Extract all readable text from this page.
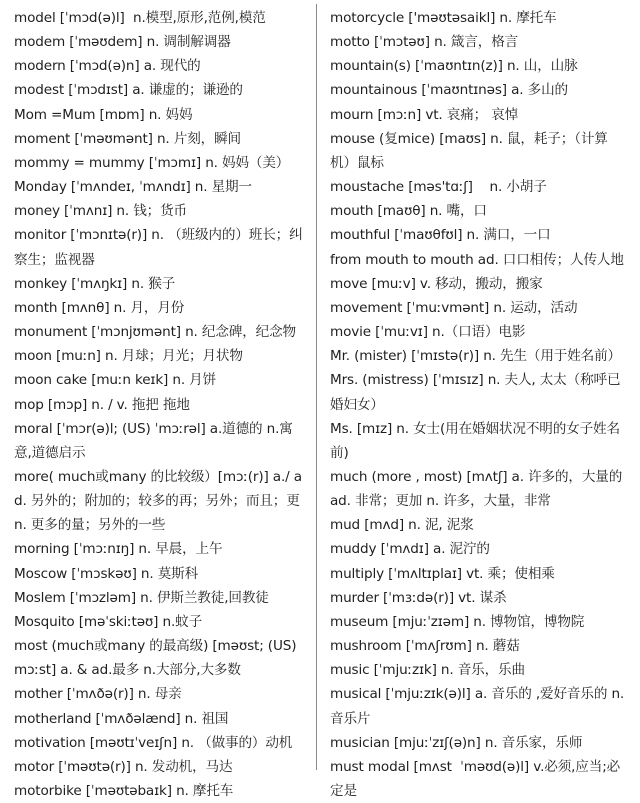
model [ˈmɔd(ə)l]  n.模型,原形,范例,模范

modem [ˈməʊdem] n. 调制解调器

modern [ˈmɔd(ə)n] a. 现代的

modest [ˈmɔdɪst] a. 谦虚的；谦逊的

Mom =Mum [mɒm] n. 妈妈

moment [ˈməʊmənt] n. 片刻，瞬间

mommy = mummy [ˈmɔmɪ] n. 妈妈（美）

Monday [ˈmʌndeɪ, ˈmʌndɪ] n. 星期一

money [ˈmʌnɪ] n. 钱；货币

monitor [ˈmɔnɪtə(r)] n. （班级内的）班长；纠察生；监视器

monkey [ˈmʌŋkɪ] n. 猴子

month [mʌnθ] n. 月，月份

monument [ˈmɔnjʊmənt] n. 纪念碑，纪念物

moon [muːn] n. 月球；月光；月状物

moon cake [muːn keɪk] n. 月饼

mop [mɔp] n. / v. 拖把 拖地

moral [ˈmɔr(ə)l; (US) ˈmɔːrəl] a.道德的 n.寓意,道德启示

more( much或many 的比较级）[mɔː(r)] a./ ad. 另外的；附加的；较多的再；另外；而且；更 n. 更多的量；另外的一些

morning [ˈmɔːnɪŋ] n. 早晨，上午

Moscow [ˈmɔskəʊ] n. 莫斯科

Moslem [ˈmɔzləm] n. 伊斯兰教徒,回教徒

Mosquito [məˈskiːtəʊ] n.蚊子

most (much或many 的最高级) [məʊst; (US) mɔːst] a. & ad.最多 n.大部分,大多数

mother [ˈmʌðə(r)] n. 母亲

motherland [ˈmʌðəlænd] n. 祖国

motivation [məʊtɪˈveɪʃn] n. （做事的）动机

motor [ˈməʊtə(r)] n. 发动机，马达

motorbike [ˈməʊtəbaɪk] n. 摩托车

motorcycle ['məʊtəsaikl] n. 摩托车

motto [ˈmɔtəʊ] n. 箴言，格言

mountain(s) [ˈmaʊntɪn(z)] n. 山，山脉

mountainous [ˈmaʊntɪnəs] a. 多山的

mourn [mɔːn] vt. 哀痛； 哀悼

mouse (复mice) [maʊs] n. 鼠，耗子；（计算机）鼠标

moustache [məs'tɑːʃ]    n. 小胡子

mouth [maʊθ] n. 嘴，口

mouthful [ˈmaʊθfʊl] n. 满口，一口

from mouth to mouth ad. 口口相传；人传人地

move [muːv] v. 移动，搬动，搬家

movement [ˈmuːvmənt] n. 运动，活动

movie [ˈmuːvɪ] n.（口语）电影

Mr. (mister) [ˈmɪstə(r)] n. 先生（用于姓名前）

Mrs. (mistress) [ˈmɪsɪz] n. 夫人, 太太（称呼已婚妇女）

Ms. [mɪz] n. 女士(用在婚姻状况不明的女子姓名前)

much (more , most) [mʌtʃ] a. 许多的，大量的 ad. 非常；更加 n. 许多，大量，非常

mud [mʌd] n. 泥, 泥浆

muddy [ˈmʌdɪ] a. 泥泞的

multiply [ˈmʌltɪplaɪ] vt. 乘；使相乘

murder [ˈmɜːdə(r)] vt. 谋杀

museum [mjuːˈzɪəm] n. 博物馆，博物院

mushroom [ˈmʌʃrʊm] n. 蘑菇

music [ˈmjuːzɪk] n. 音乐，乐曲

musical [ˈmjuːzɪk(ə)l] a. 音乐的 ,爱好音乐的 n. 音乐片

musician [mjuːˈzɪʃ(ə)n] n. 音乐家，乐师

must modal [mʌst  ˈməʊd(ə)l] v.必须,应当;必定是
